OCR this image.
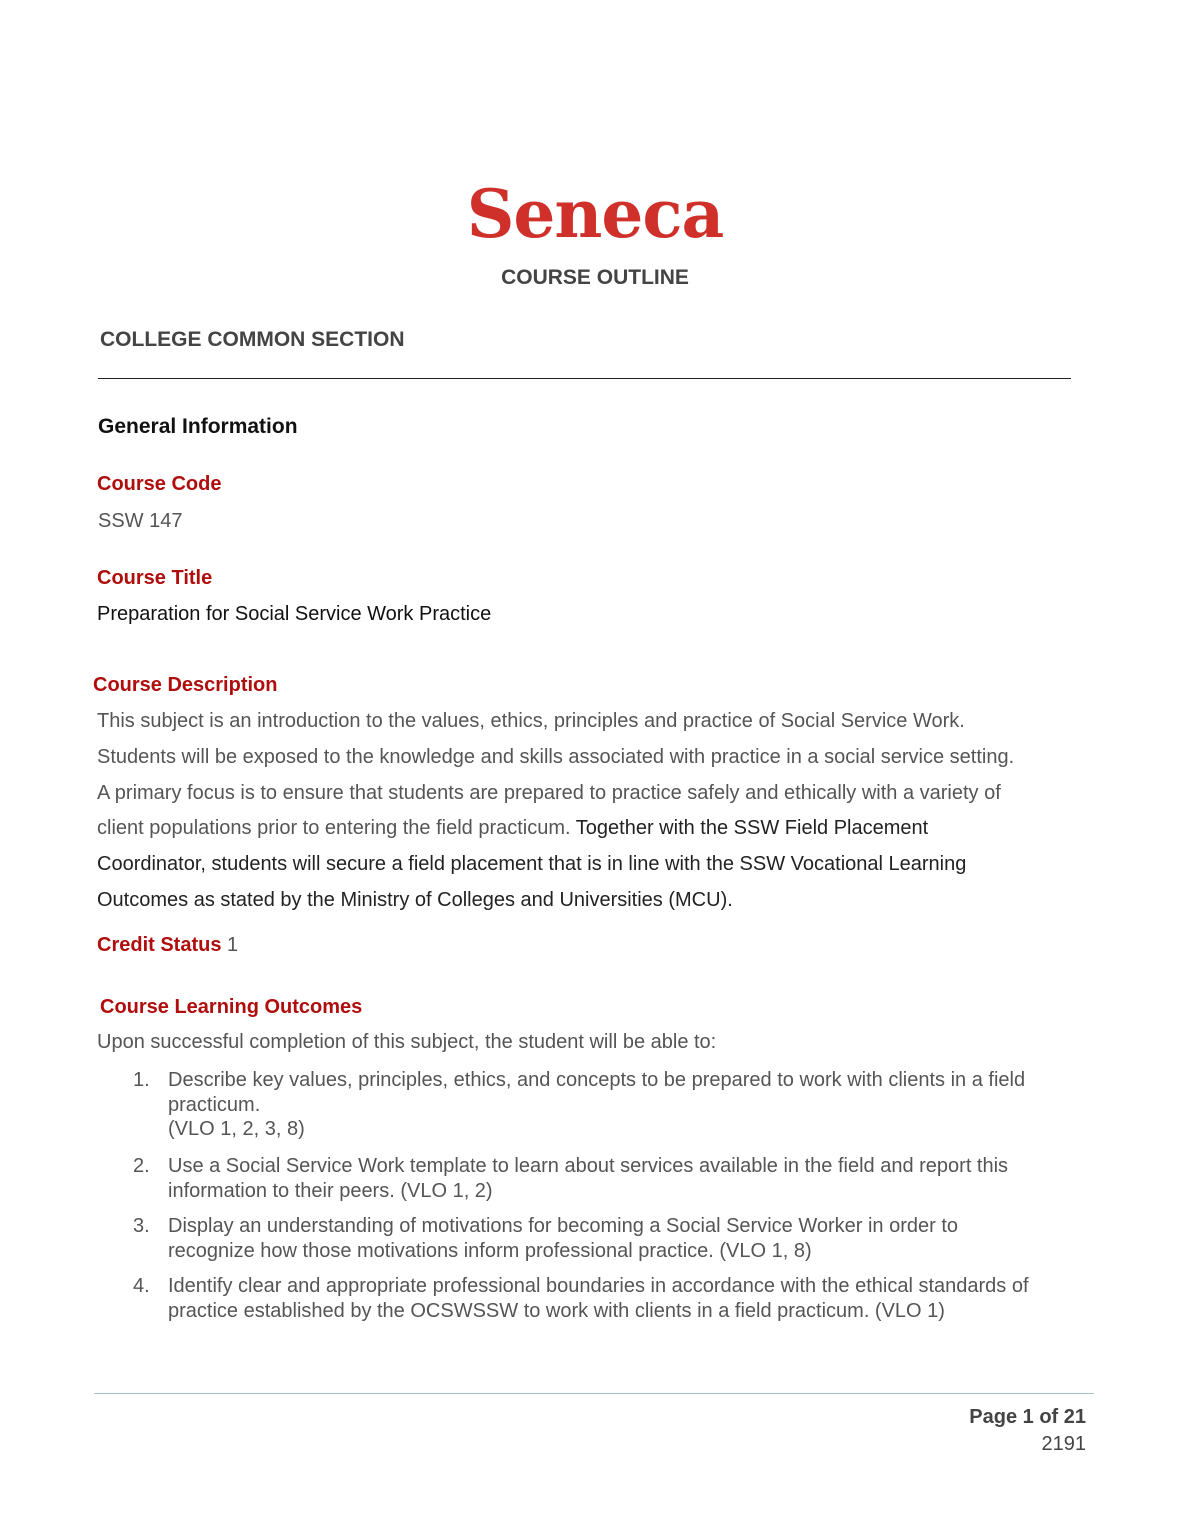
Seneca
COURSE OUTLINE
COLLEGE COMMON SECTION
General Information
Course Code
SSW 147
Course Title
Preparation for Social Service Work Practice
Course Description
This subject is an introduction to the values, ethics, principles and practice of Social Service Work.
Students will be exposed to the knowledge and skills associated with practice in a social service setting.
A primary focus is to ensure that students are prepared to practice safely and ethically with a variety of
client populations prior to entering the field practicum. Together with the SSW Field Placement
Coordinator, students will secure a field placement that is in line with the SSW Vocational Learning
Outcomes as stated by the Ministry of Colleges and Universities (MCU).
Credit Status 1
Course Learning Outcomes
Upon successful completion of this subject, the student will be able to:
1. Describe key values, principles, ethics, and concepts to be prepared to work with clients in a field
practicum.
(VLO 1, 2, 3, 8)
2. Use a Social Service Work template to learn about services available in the field and report this
information to their peers. (VLO 1, 2)
3. Display an understanding of motivations for becoming a Social Service Worker in order to
recognize how those motivations inform professional practice. (VLO 1, 8)
4. Identify clear and appropriate professional boundaries in accordance with the ethical standards of
practice established by the OCSWSSW to work with clients in a field practicum. (VLO 1)
Page 1 of 21
2191
